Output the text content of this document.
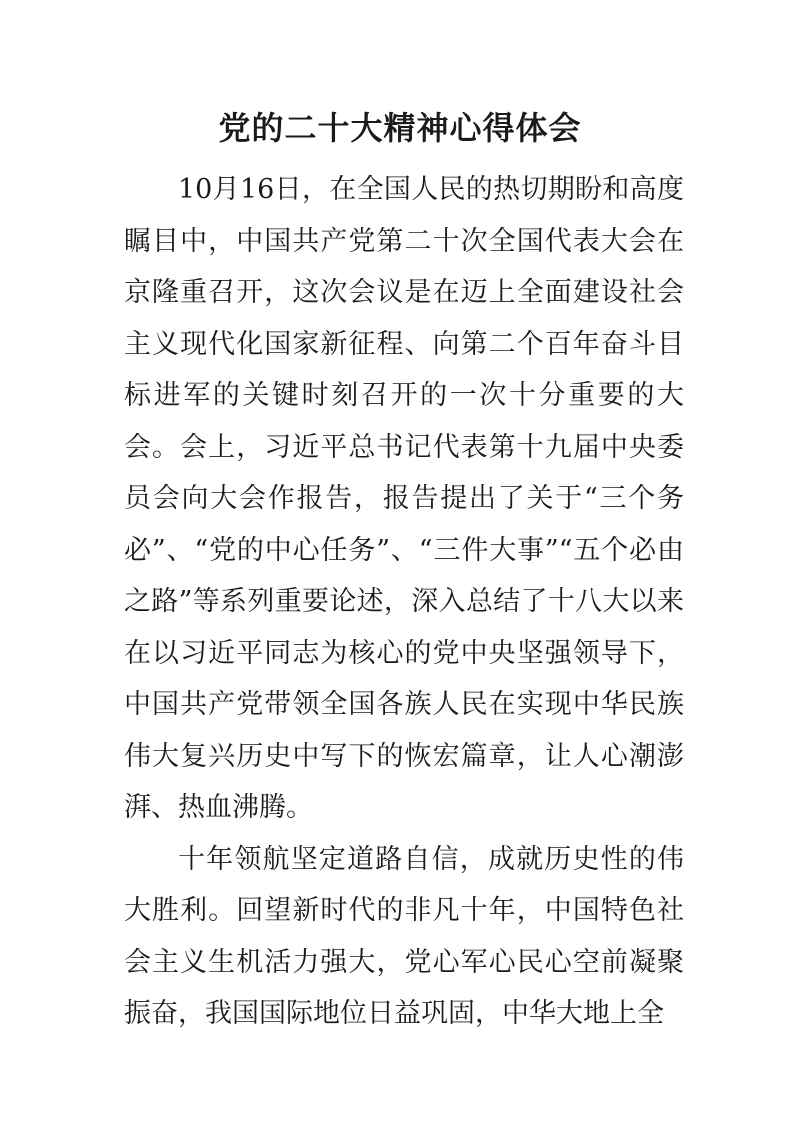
党的二十大精神心得体会

10月16日，在全国人民的热切期盼和高度瞩目中，中国共产党第二十次全国代表大会在京隆重召开，这次会议是在迈上全面建设社会主义现代化国家新征程、向第二个百年奋斗目标进军的关键时刻召开的一次十分重要的大会。会上，习近平总书记代表第十九届中央委员会向大会作报告，报告提出了关于“三个务必”、“党的中心任务”、“三件大事”“五个必由之路”等系列重要论述，深入总结了十八大以来在以习近平同志为核心的党中央坚强领导下，中国共产党带领全国各族人民在实现中华民族伟大复兴历史中写下的恢宏篇章，让人心潮澎湃、热血沸腾。

十年领航坚定道路自信，成就历史性的伟大胜利。回望新时代的非凡十年，中国特色社会主义生机活力强大，党心军心民心空前凝聚振奋，我国国际地位日益巩固，中华大地上全
